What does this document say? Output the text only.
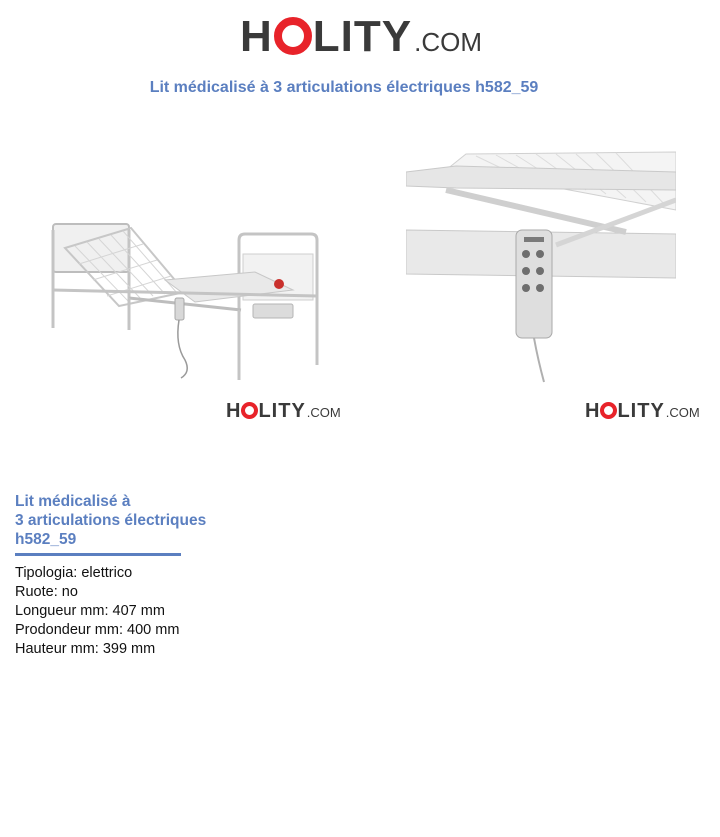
H LITY .COM
Lit médicalisé à 3 articulations électriques h582_59
H LITY .COM	H LITY .COM
Lit médicalisé à
3 articulations électriques
h582_59
Tipologia: elettrico
Ruote: no
Longueur mm: 407 mm
Prodondeur mm: 400 mm
Hauteur mm: 399 mm
